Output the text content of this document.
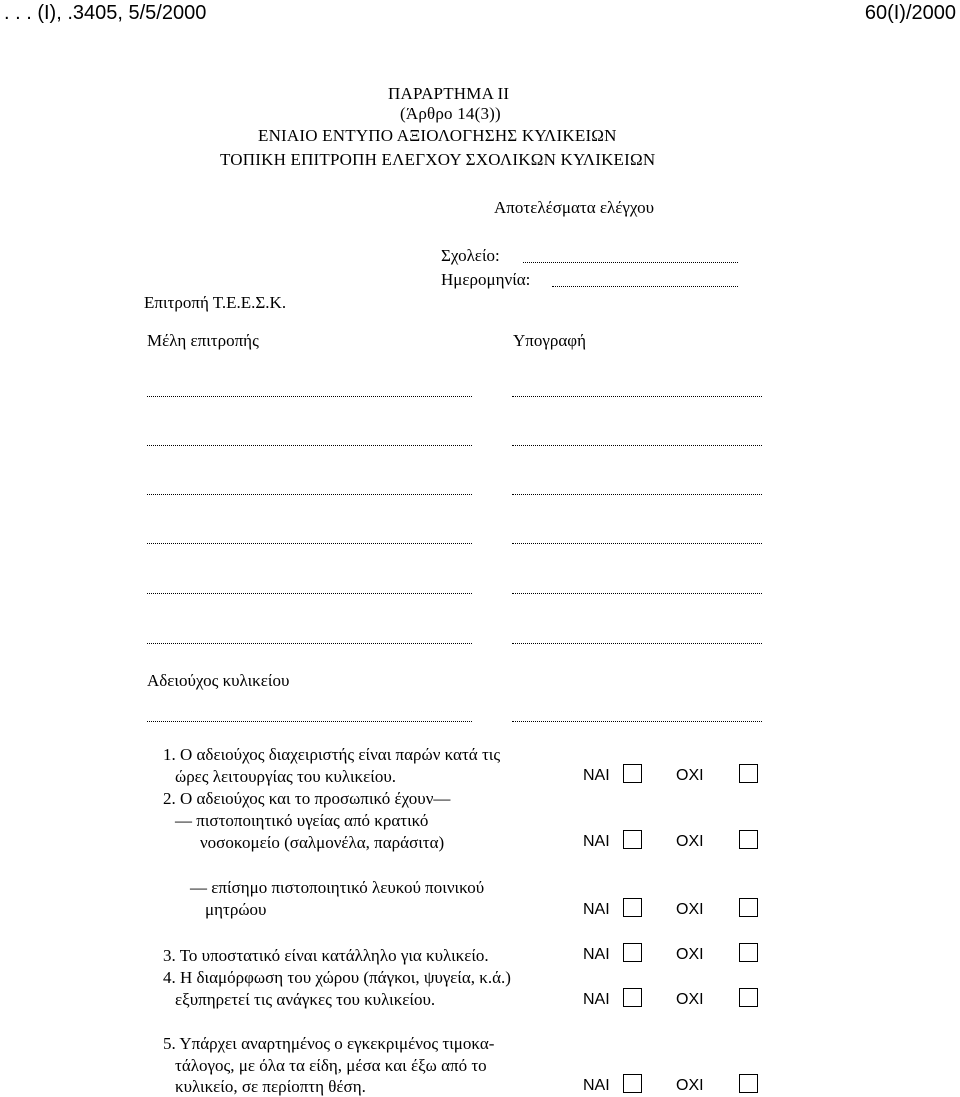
. . . (I), .3405, 5/5/2000	60(I)/2000
ΠΑΡΑΡΤΗΜΑ II
(Άρθρο 14(3))
ΕΝΙΑΙΟ ΕΝΤΥΠΟ ΑΞΙΟΛΟΓΗΣΗΣ ΚΥΛΙΚΕΙΩΝ
ΤΟΠΙΚΗ ΕΠΙΤΡΟΠΗ ΕΛΕΓΧΟΥ ΣΧΟΛΙΚΩΝ ΚΥΛΙΚΕΙΩΝ
Αποτελέσματα ελέγχου
Σχολείο:
Ημερομηνία:
Επιτροπή Τ.Ε.Ε.Σ.Κ.
Μέλη επιτροπής	Υπογραφή
Αδειούχος κυλικείου
1. Ο αδειούχος διαχειριστής είναι παρών κατά τις
ώρες λειτουργίας του κυλικείου.	ΝΑΙ	ΟΧΙ
2. Ο αδειούχος και το προσωπικό έχουν—
— πιστοποιητικό υγείας από κρατικό
νοσοκομείο (σαλμονέλα, παράσιτα)	ΝΑΙ	ΟΧΙ
— επίσημο πιστοποιητικό λευκού ποινικού
μητρώου	ΝΑΙ	ΟΧΙ
3. Το υποστατικό είναι κατάλληλο για κυλικείο.	ΝΑΙ	ΟΧΙ
4. Η διαμόρφωση του χώρου (πάγκοι, ψυγεία, κ.ά.)
εξυπηρετεί τις ανάγκες του κυλικείου.	ΝΑΙ	ΟΧΙ
5. Υπάρχει αναρτημένος ο εγκεκριμένος τιμοκα-
τάλογος, με όλα τα είδη, μέσα και έξω από το
κυλικείο, σε περίοπτη θέση.	ΝΑΙ	ΟΧΙ
